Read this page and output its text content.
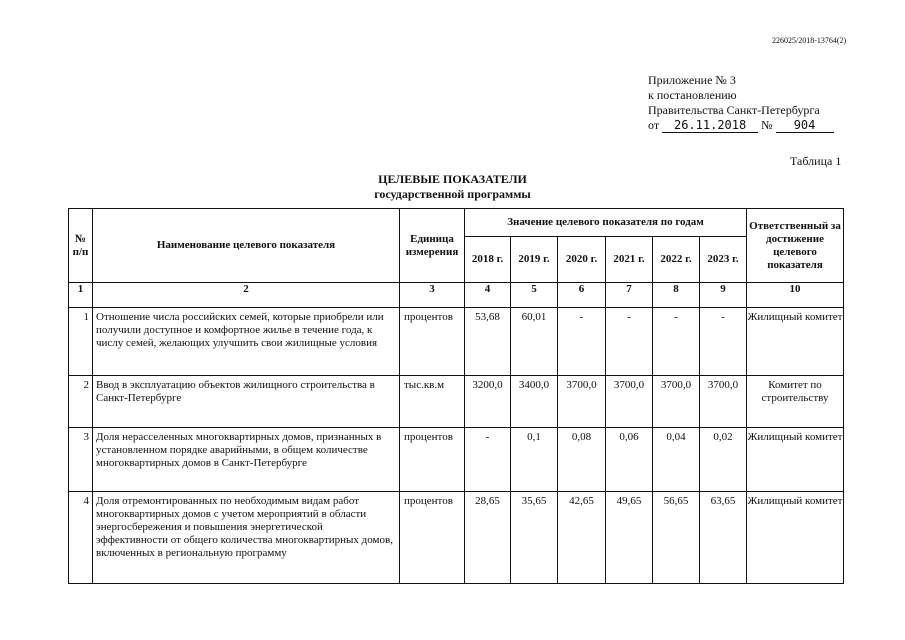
226025/2018-13764(2)
Приложение № 3
к постановлению
Правительства Санкт-Петербурга
от 26.11.2018 № 904
Таблица 1
ЦЕЛЕВЫЕ ПОКАЗАТЕЛИ
государственной программы
№ п/п	Наименование целевого показателя	Единица измерения	Значение целевого показателя по годам						Ответственный за достижение целевого показателя
			2018 г.	2019 г.	2020 г.	2021 г.	2022 г.	2023 г.	
1	2	3	4	5	6	7	8	9	10
1	Отношение числа российских семей, которые приобрели или получили доступное и комфортное жилье в течение года, к числу семей, желающих улучшить свои жилищные условия	процентов	53,68	60,01	-	-	-	-	Жилищный комитет
2	Ввод в эксплуатацию объектов жилищного строительства в Санкт-Петербурге	тыс.кв.м	3200,0	3400,0	3700,0	3700,0	3700,0	3700,0	Комитет по строительству
3	Доля нерасселенных многоквартирных домов, признанных в установленном порядке аварийными, в общем количестве многоквартирных домов в Санкт-Петербурге	процентов	-	0,1	0,08	0,06	0,04	0,02	Жилищный комитет
4	Доля отремонтированных по необходимым видам работ многоквартирных домов с учетом мероприятий в области энергосбережения и повышения энергетической эффективности от общего количества многоквартирных домов, включенных в региональную программу	процентов	28,65	35,65	42,65	49,65	56,65	63,65	Жилищный комитет
